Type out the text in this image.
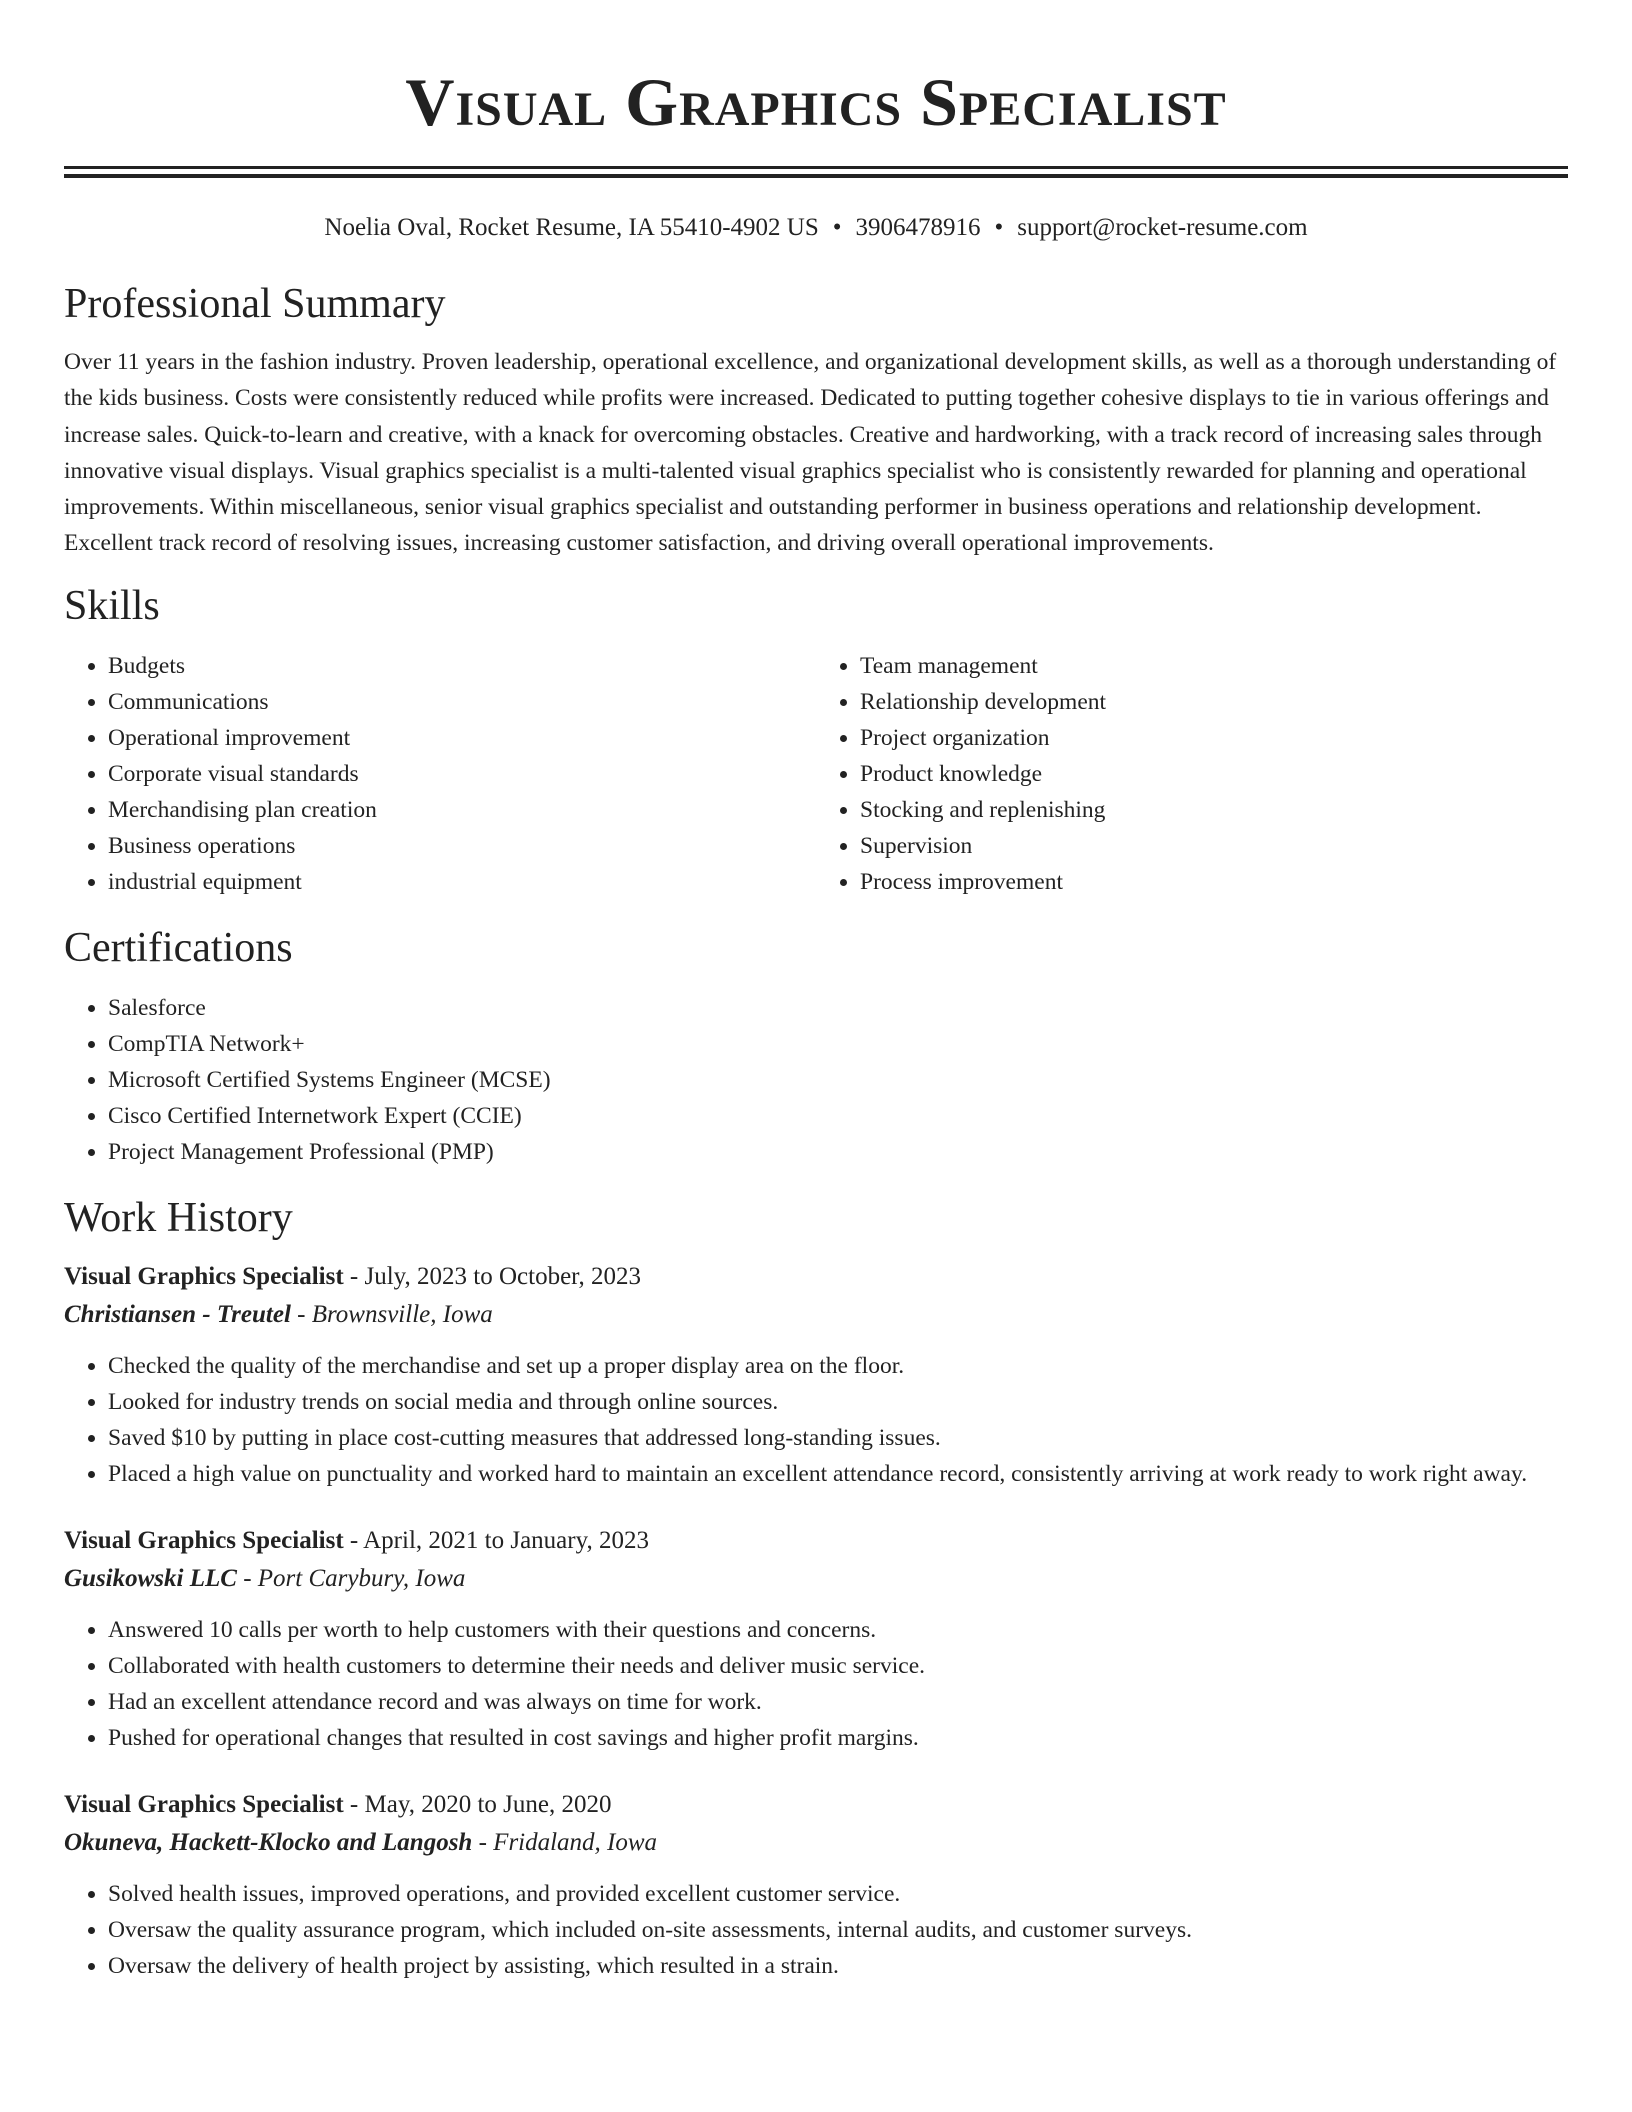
Visual Graphics Specialist
Noelia Oval, Rocket Resume, IA 55410-4902 US • 3906478916 • support@rocket-resume.com
Professional Summary

Over 11 years in the fashion industry. Proven leadership, operational excellence, and organizational development skills, as well as a thorough understanding of the kids business. Costs were consistently reduced while profits were increased. Dedicated to putting together cohesive displays to tie in various offerings and increase sales. Quick-to-learn and creative, with a knack for overcoming obstacles. Creative and hardworking, with a track record of increasing sales through innovative visual displays. Visual graphics specialist is a multi-talented visual graphics specialist who is consistently rewarded for planning and operational improvements. Within miscellaneous, senior visual graphics specialist and outstanding performer in business operations and relationship development. Excellent track record of resolving issues, increasing customer satisfaction, and driving overall operational improvements.

Skills
• Budgets
• Communications
• Operational improvement
• Corporate visual standards
• Merchandising plan creation
• Business operations
• industrial equipment
• Team management
• Relationship development
• Project organization
• Product knowledge
• Stocking and replenishing
• Supervision
• Process improvement
Certifications
• Salesforce
• CompTIA Network+
• Microsoft Certified Systems Engineer (MCSE)
• Cisco Certified Internetwork Expert (CCIE)
• Project Management Professional (PMP)
Work History
Visual Graphics Specialist - July, 2023 to October, 2023
Christiansen - Treutel - Brownsville, Iowa
• Checked the quality of the merchandise and set up a proper display area on the floor.
• Looked for industry trends on social media and through online sources.
• Saved $10 by putting in place cost-cutting measures that addressed long-standing issues.
• Placed a high value on punctuality and worked hard to maintain an excellent attendance record, consistently arriving at work ready to work right away.
Visual Graphics Specialist - April, 2021 to January, 2023
Gusikowski LLC - Port Carybury, Iowa
• Answered 10 calls per worth to help customers with their questions and concerns.
• Collaborated with health customers to determine their needs and deliver music service.
• Had an excellent attendance record and was always on time for work.
• Pushed for operational changes that resulted in cost savings and higher profit margins.
Visual Graphics Specialist - May, 2020 to June, 2020
Okuneva, Hackett-Klocko and Langosh - Fridaland, Iowa
• Solved health issues, improved operations, and provided excellent customer service.
• Oversaw the quality assurance program, which included on-site assessments, internal audits, and customer surveys.
• Oversaw the delivery of health project by assisting, which resulted in a strain.
